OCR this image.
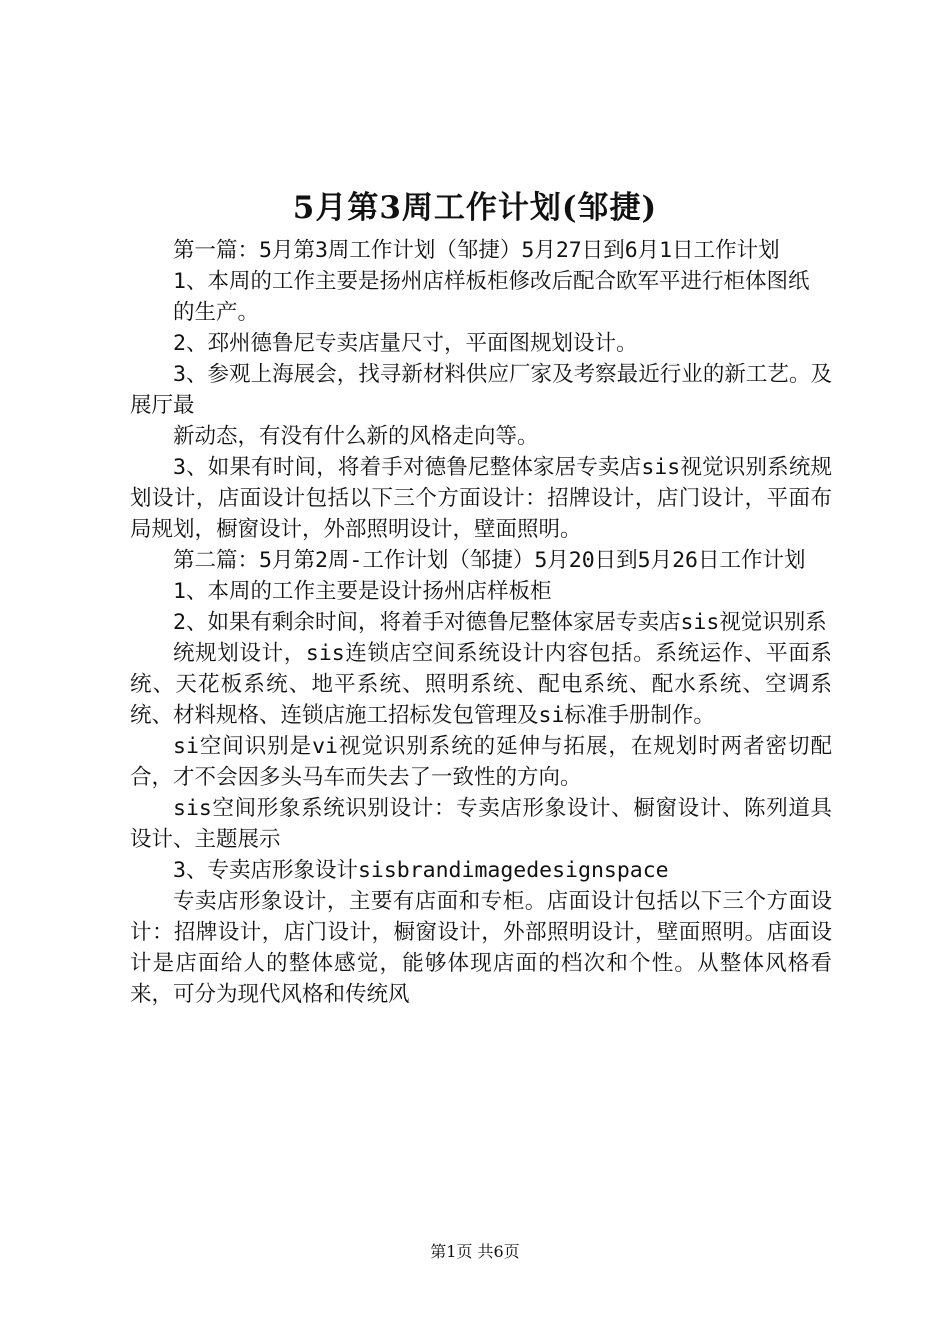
5月第3周工作计划(邹捷)

第一篇：5月第3周工作计划（邹捷）5月27日到6月1日工作计划

1、本周的工作主要是扬州店样板柜修改后配合欧军平进行柜体图纸

的生产。

2、邳州德鲁尼专卖店量尺寸，平面图规划设计。

3、参观上海展会，找寻新材料供应厂家及考察最近行业的新工艺。及展厅最

新动态，有没有什么新的风格走向等。

3、如果有时间，将着手对德鲁尼整体家居专卖店sis视觉识别系统规划设计，店面设计包括以下三个方面设计：招牌设计，店门设计，平面布局规划，橱窗设计，外部照明设计，壁面照明。

第二篇：5月第2周-工作计划（邹捷）5月20日到5月26日工作计划

1、本周的工作主要是设计扬州店样板柜

2、如果有剩余时间，将着手对德鲁尼整体家居专卖店sis视觉识别系

统规划设计，sis连锁店空间系统设计内容包括。系统运作、平面系统、天花板系统、地平系统、照明系统、配电系统、配水系统、空调系统、材料规格、连锁店施工招标发包管理及si标准手册制作。

si空间识别是vi视觉识别系统的延伸与拓展，在规划时两者密切配合，才不会因多头马车而失去了一致性的方向。

sis空间形象系统识别设计：专卖店形象设计、橱窗设计、陈列道具设计、主题展示

3、专卖店形象设计sisbrandimagedesignspace

专卖店形象设计，主要有店面和专柜。店面设计包括以下三个方面设计：招牌设计，店门设计，橱窗设计，外部照明设计，壁面照明。店面设计是店面给人的整体感觉，能够体现店面的档次和个性。从整体风格看来，可分为现代风格和传统风

第1页 共6页
